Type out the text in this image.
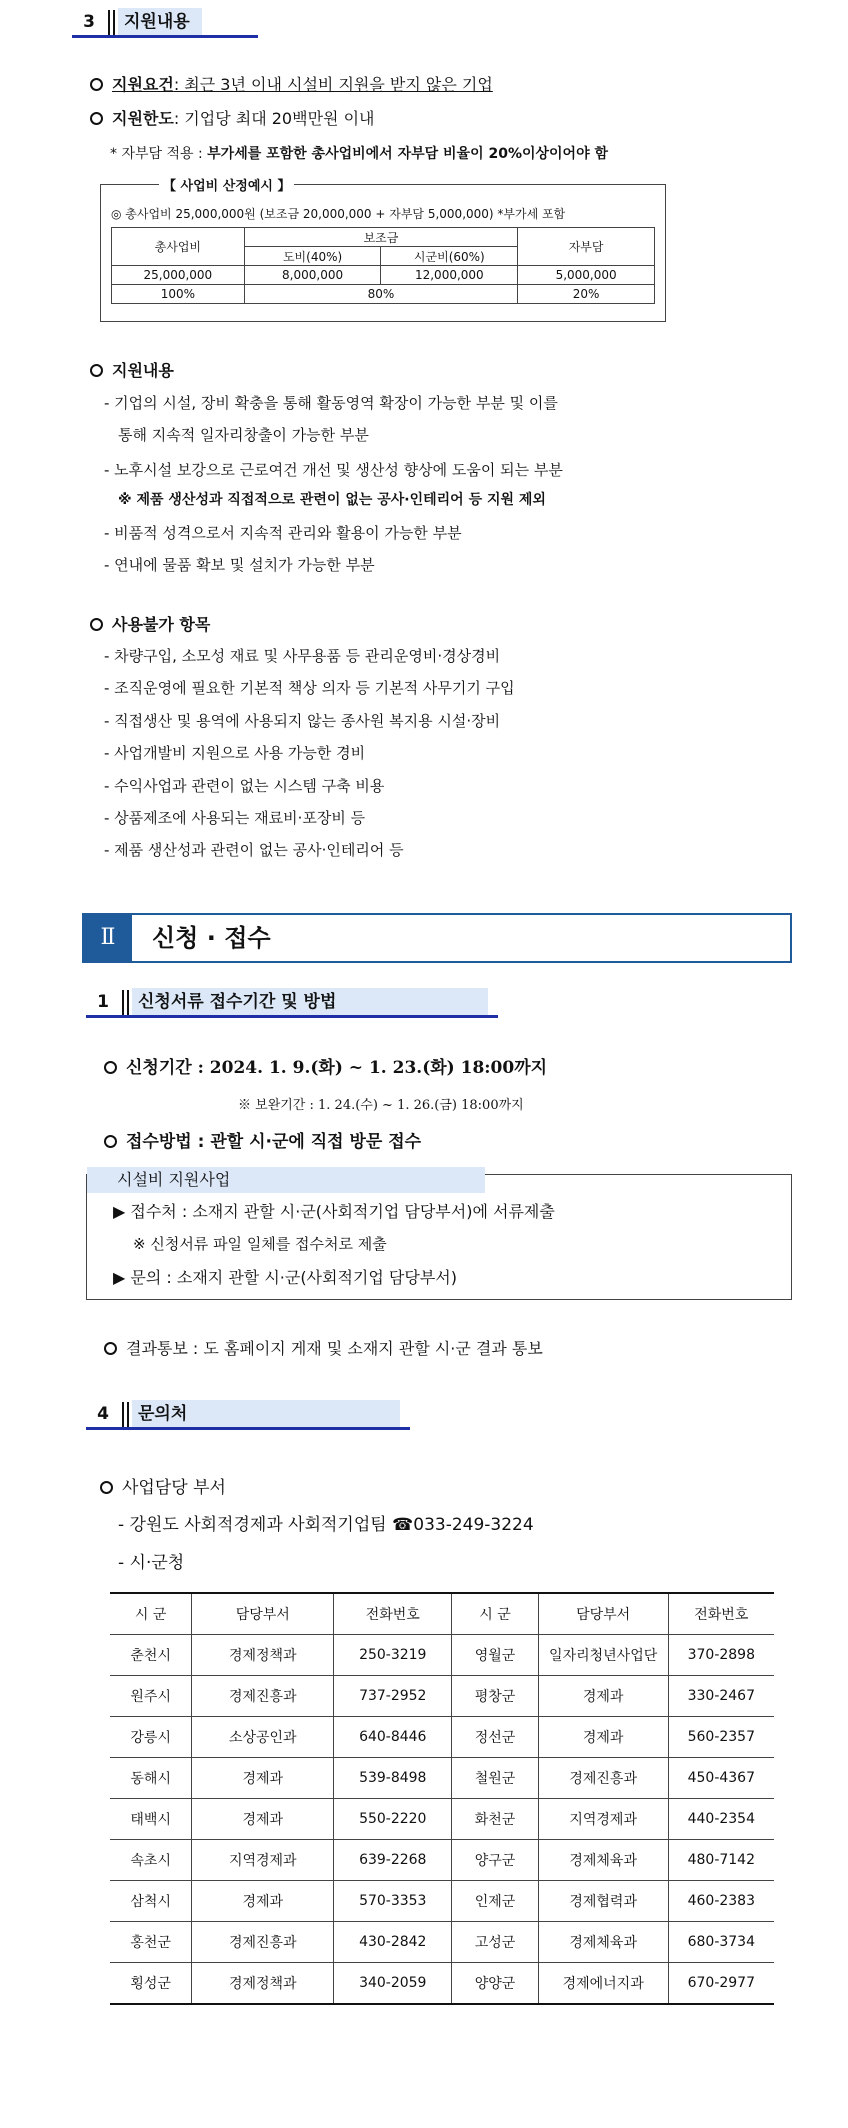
3	지원내용
지원요건: 최근 3년 이내 시설비 지원을 받지 않은 기업
지원한도: 기업당 최대 20백만원 이내
* 자부담 적용 : 부가세를 포함한 총사업비에서 자부담 비율이 20%이상이어야 함
【 사업비 산정예시 】
◎ 총사업비 25,000,000원 (보조금 20,000,000 + 자부담 5,000,000) *부가세 포함
총사업비	보조금		자부담
	도비(40%)	시군비(60%)	
25,000,000	8,000,000	12,000,000	5,000,000
100%	80%		20%
지원내용
- 기업의 시설, 장비 확충을 통해 활동영역 확장이 가능한 부분 및 이를
통해 지속적 일자리창출이 가능한 부분
- 노후시설 보강으로 근로여건 개선 및 생산성 향상에 도움이 되는 부분
※ 제품 생산성과 직접적으로 관련이 없는 공사·인테리어 등 지원 제외
- 비품적 성격으로서 지속적 관리와 활용이 가능한 부분
- 연내에 물품 확보 및 설치가 가능한 부분
사용불가 항목
- 차량구입, 소모성 재료 및 사무용품 등 관리운영비·경상경비
- 조직운영에 필요한 기본적 책상 의자 등 기본적 사무기기 구입
- 직접생산 및 용역에 사용되지 않는 종사원 복지용 시설·장비
- 사업개발비 지원으로 사용 가능한 경비
- 수익사업과 관련이 없는 시스템 구축 비용
- 상품제조에 사용되는 재료비·포장비 등
- 제품 생산성과 관련이 없는 공사·인테리어 등
Ⅱ	신청 · 접수
1	신청서류 접수기간 및 방법
신청기간 : 2024. 1. 9.(화) ~ 1. 23.(화) 18:00까지
※ 보완기간 : 1. 24.(수) ~ 1. 26.(금) 18:00까지
접수방법 : 관할 시·군에 직접 방문 접수
시설비 지원사업
▶ 접수처 : 소재지 관할 시·군(사회적기업 담당부서)에 서류제출
※ 신청서류 파일 일체를 접수처로 제출
▶ 문의 : 소재지 관할 시·군(사회적기업 담당부서)
결과통보 : 도 홈페이지 게재 및 소재지 관할 시·군 결과 통보
4	문의처
사업담당 부서
- 강원도 사회적경제과 사회적기업팀 ☎033-249-3224
- 시·군청
시 군	담당부서	전화번호	시 군	담당부서	전화번호
춘천시	경제정책과	250-3219	영월군	일자리청년사업단	370-2898
원주시	경제진흥과	737-2952	평창군	경제과	330-2467
강릉시	소상공인과	640-8446	정선군	경제과	560-2357
동해시	경제과	539-8498	철원군	경제진흥과	450-4367
태백시	경제과	550-2220	화천군	지역경제과	440-2354
속초시	지역경제과	639-2268	양구군	경제체육과	480-7142
삼척시	경제과	570-3353	인제군	경제협력과	460-2383
홍천군	경제진흥과	430-2842	고성군	경제체육과	680-3734
횡성군	경제정책과	340-2059	양양군	경제에너지과	670-2977
